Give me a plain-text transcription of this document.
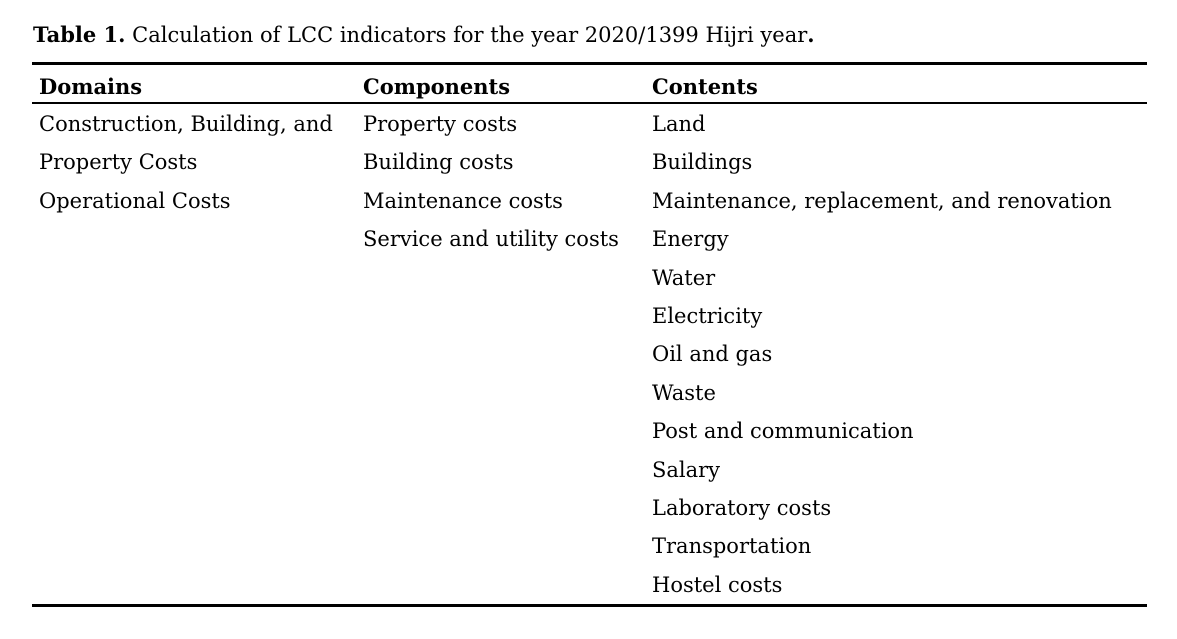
Table 1. Calculation of LCC indicators for the year 2020/1399 Hijri year.

Domains	Components	Contents
Construction, Building, and	Property costs	Land
Property Costs	Building costs	Buildings
Operational Costs	Maintenance costs	Maintenance, replacement, and renovation
	Service and utility costs	Energy
		Water
		Electricity
		Oil and gas
		Waste
		Post and communication
		Salary
		Laboratory costs
		Transportation
		Hostel costs
